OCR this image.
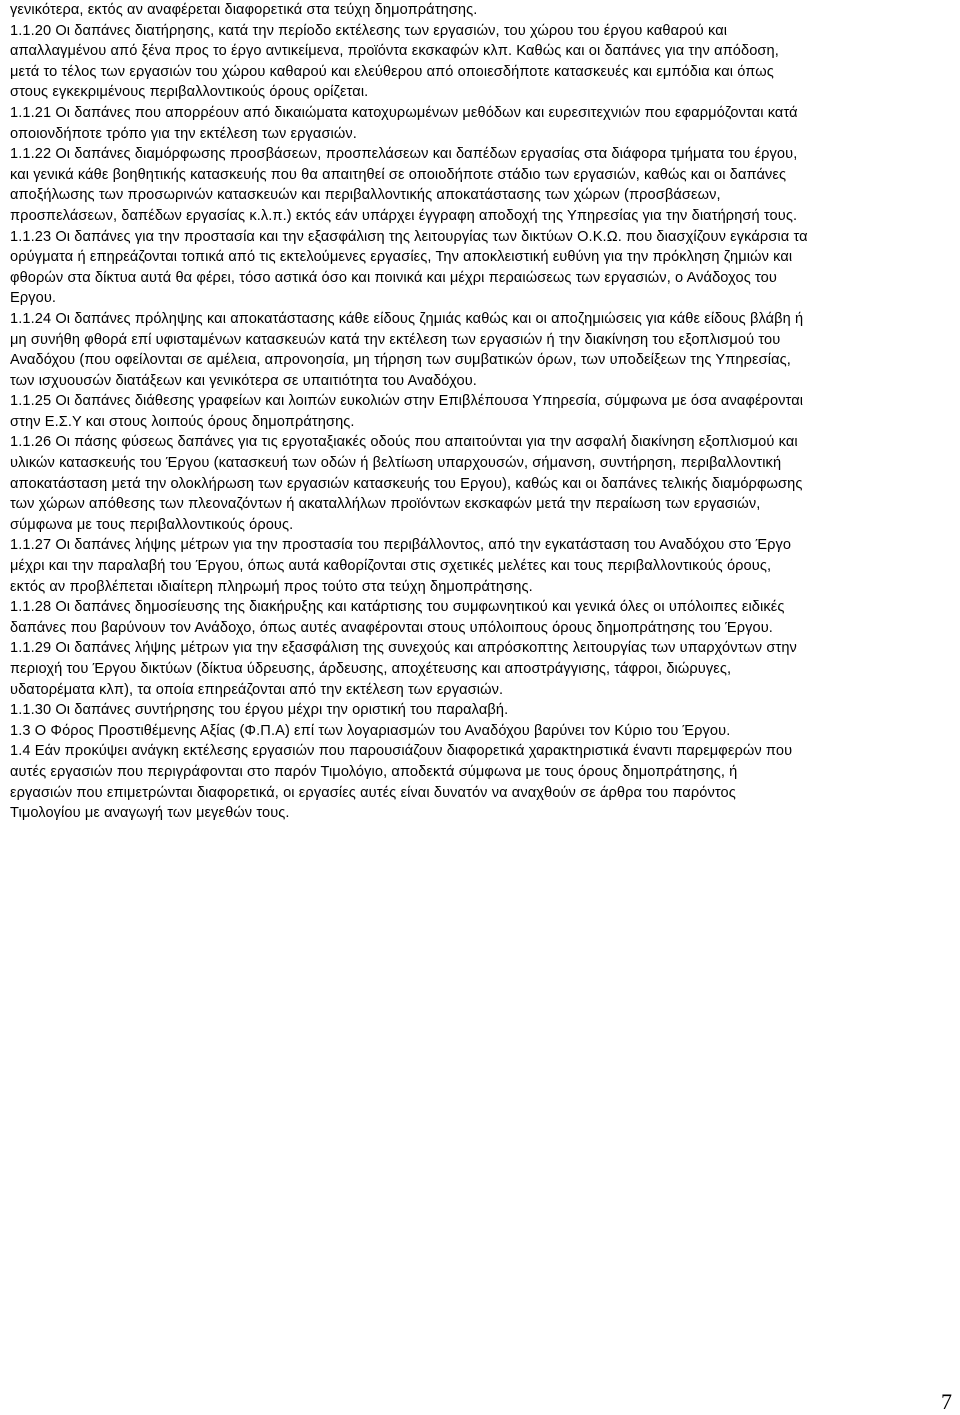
γενικότερα, εκτός αν αναφέρεται διαφορετικά στα τεύχη δημοπράτησης.
1.1.20 Οι δαπάνες διατήρησης, κατά την περίοδο εκτέλεσης των εργασιών, του χώρου του έργου καθαρού και
απαλλαγμένου από ξένα προς το έργο αντικείμενα, προϊόντα εκσκαφών κλπ. Καθώς και οι δαπάνες για την απόδοση,
μετά το τέλος των εργασιών του χώρου καθαρού και ελεύθερου από οποιεσδήποτε κατασκευές και εμπόδια και όπως
στους εγκεκριμένους περιβαλλοντικούς όρους ορίζεται.
1.1.21 Οι δαπάνες που απορρέουν από δικαιώματα κατοχυρωμένων μεθόδων και ευρεσιτεχνιών που εφαρμόζονται κατά
οποιονδήποτε τρόπο για την εκτέλεση των εργασιών.
1.1.22 Οι δαπάνες διαμόρφωσης προσβάσεων, προσπελάσεων και δαπέδων εργασίας στα διάφορα τμήματα του έργου,
και γενικά κάθε βοηθητικής κατασκευής που θα απαιτηθεί σε οποιοδήποτε στάδιο των εργασιών, καθώς και οι δαπάνες
αποξήλωσης των προσωρινών κατασκευών και περιβαλλοντικής αποκατάστασης των χώρων (προσβάσεων,
προσπελάσεων, δαπέδων εργασίας κ.λ.π.) εκτός εάν υπάρχει έγγραφη αποδοχή της Υπηρεσίας για την διατήρησή τους.
1.1.23 Οι δαπάνες για την προστασία και την εξασφάλιση της λειτουργίας των δικτύων Ο.Κ.Ω. που διασχίζουν εγκάρσια τα
ορύγματα ή επηρεάζονται τοπικά από τις εκτελούμενες εργασίες, Την αποκλειστική ευθύνη για την πρόκληση ζημιών και
φθορών στα δίκτυα αυτά θα φέρει, τόσο αστικά όσο και ποινικά και μέχρι περαιώσεως των εργασιών, ο Ανάδοχος του
Εργου.
1.1.24 Οι δαπάνες πρόληψης και αποκατάστασης κάθε είδους ζημιάς καθώς και οι αποζημιώσεις για κάθε είδους βλάβη ή
μη συνήθη φθορά επί υφισταμένων κατασκευών κατά την εκτέλεση των εργασιών ή την διακίνηση του εξοπλισμού του
Αναδόχου (που οφείλονται σε αμέλεια, απρονοησία, μη τήρηση των συμβατικών όρων, των υποδείξεων της Υπηρεσίας,
των ισχυουσών διατάξεων και γενικότερα σε υπαιτιότητα του Αναδόχου.
1.1.25 Οι δαπάνες διάθεσης γραφείων και λοιπών ευκολιών στην Επιβλέπουσα Υπηρεσία, σύμφωνα με όσα αναφέρονται
στην Ε.Σ.Υ και στους λοιπούς όρους δημοπράτησης.
1.1.26 Οι πάσης φύσεως δαπάνες για τις εργοταξιακές οδούς που απαιτούνται για την ασφαλή διακίνηση εξοπλισμού και
υλικών κατασκευής του Έργου (κατασκευή των οδών ή βελτίωση υπαρχουσών, σήμανση, συντήρηση, περιβαλλοντική
αποκατάσταση μετά την ολοκλήρωση των εργασιών κατασκευής του Εργου), καθώς και οι δαπάνες τελικής διαμόρφωσης
των χώρων απόθεσης των πλεοναζόντων ή ακαταλλήλων προϊόντων εκσκαφών μετά την περαίωση των εργασιών,
σύμφωνα με τους περιβαλλοντικούς όρους.
1.1.27 Οι δαπάνες λήψης μέτρων για την προστασία του περιβάλλοντος, από την εγκατάσταση του Αναδόχου στο Έργο
μέχρι και την παραλαβή του Έργου, όπως αυτά καθορίζονται στις σχετικές μελέτες και τους περιβαλλοντικούς όρους,
εκτός αν προβλέπεται ιδιαίτερη πληρωμή προς τούτο στα τεύχη δημοπράτησης.
1.1.28 Οι δαπάνες δημοσίευσης της διακήρυξης και κατάρτισης του συμφωνητικού και γενικά όλες οι υπόλοιπες ειδικές
δαπάνες που βαρύνουν τον Ανάδοχο, όπως αυτές αναφέρονται στους υπόλοιπους όρους δημοπράτησης του Έργου.
1.1.29 Οι δαπάνες λήψης μέτρων για την εξασφάλιση της συνεχούς και απρόσκοπτης λειτουργίας των υπαρχόντων στην
περιοχή του Έργου δικτύων (δίκτυα ύδρευσης, άρδευσης, αποχέτευσης και αποστράγγισης, τάφροι, διώρυγες,
υδατορέματα κλπ), τα οποία επηρεάζονται από την εκτέλεση των εργασιών.
1.1.30 Οι δαπάνες συντήρησης του έργου μέχρι την οριστική του παραλαβή.
1.3 Ο Φόρος Προστιθέμενης Αξίας (Φ.Π.Α) επί των λογαριασμών του Αναδόχου βαρύνει τον Κύριο του Έργου.
1.4 Εάν προκύψει ανάγκη εκτέλεσης εργασιών που παρουσιάζουν διαφορετικά χαρακτηριστικά έναντι παρεμφερών που
αυτές εργασιών που περιγράφονται στο παρόν Τιμολόγιο, αποδεκτά σύμφωνα με τους όρους δημοπράτησης, ή
εργασιών που επιμετρώνται διαφορετικά, οι εργασίες αυτές είναι δυνατόν να αναχθούν σε άρθρα του παρόντος
Τιμολογίου με αναγωγή των μεγεθών τους.
7
